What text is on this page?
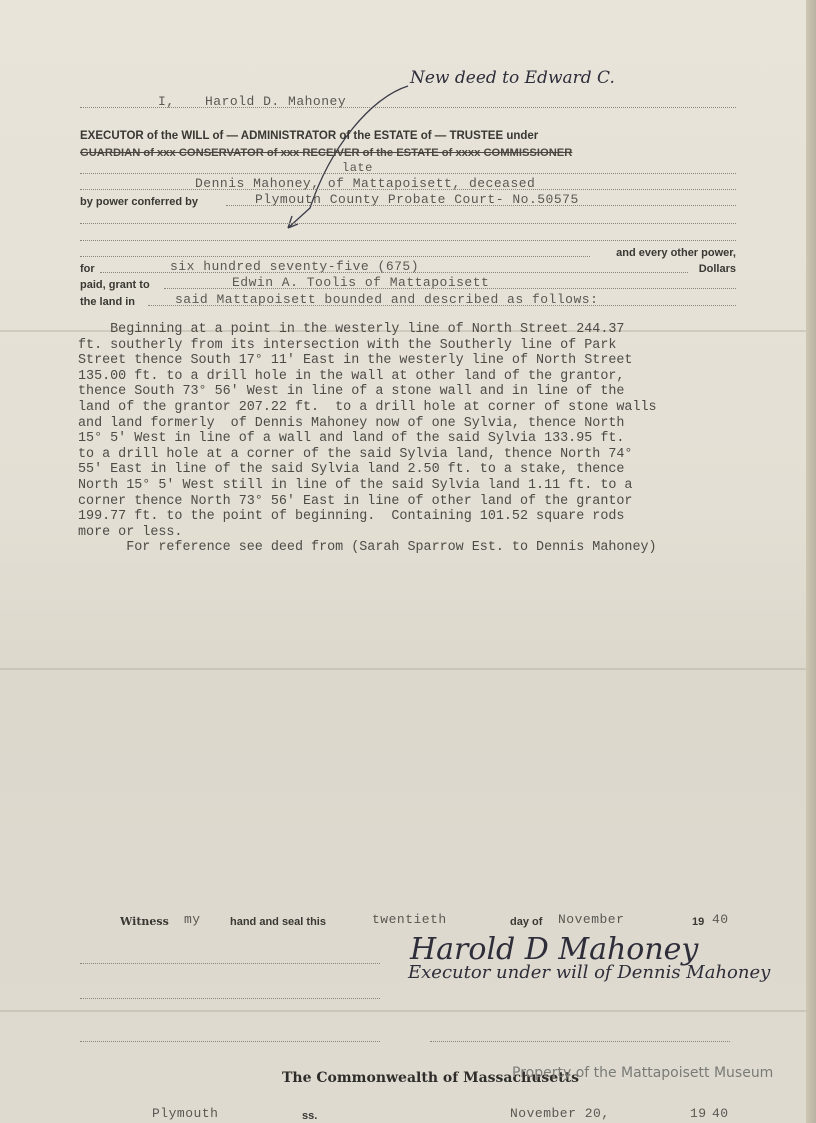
New deed to Edward C.
I, Harold D. Mahoney
EXECUTOR of the WILL of — ADMINISTRATOR of the ESTATE of — TRUSTEE under
GUARDIAN of xxx CONSERVATOR of xxx RECEIVER of the ESTATE of xxxx COMMISSIONER
late
Dennis Mahoney, of Mattapoisett, deceased
by power conferred by	Plymouth County Probate Court- No.50575
and every other power,
for	six hundred seventy-five (675)	Dollars
paid, grant to	Edwin A. Toolis of Mattapoisett
the land in	said Mattapoisett bounded and described as follows:
Beginning at a point in the westerly line of North Street 244.37
ft. southerly from its intersection with the Southerly line of Park
Street thence South 17° 11' East in the westerly line of North Street
135.00 ft. to a drill hole in the wall at other land of the grantor,
thence South 73° 56' West in line of a stone wall and in line of the
land of the grantor 207.22 ft.  to a drill hole at corner of stone walls
and land formerly  of Dennis Mahoney now of one Sylvia, thence North
15° 5' West in line of a wall and land of the said Sylvia 133.95 ft.
to a drill hole at a corner of the said Sylvia land, thence North 74°
55' East in line of the said Sylvia land 2.50 ft. to a stake, thence
North 15° 5' West still in line of the said Sylvia land 1.11 ft. to a
corner thence North 73° 56' East in line of other land of the grantor
199.77 ft. to the point of beginning.  Containing 101.52 square rods
more or less.
For reference see deed from (Sarah Sparrow Est. to Dennis Mahoney)
Witness my	hand and seal this	twentieth	day of November	19 40
Harold D Mahoney
Executor under will of Dennis Mahoney
The Commonwealth of Massachusetts
Plymouth	ss.	November 20,	19 40
Property of the Mattapoisett Museum
